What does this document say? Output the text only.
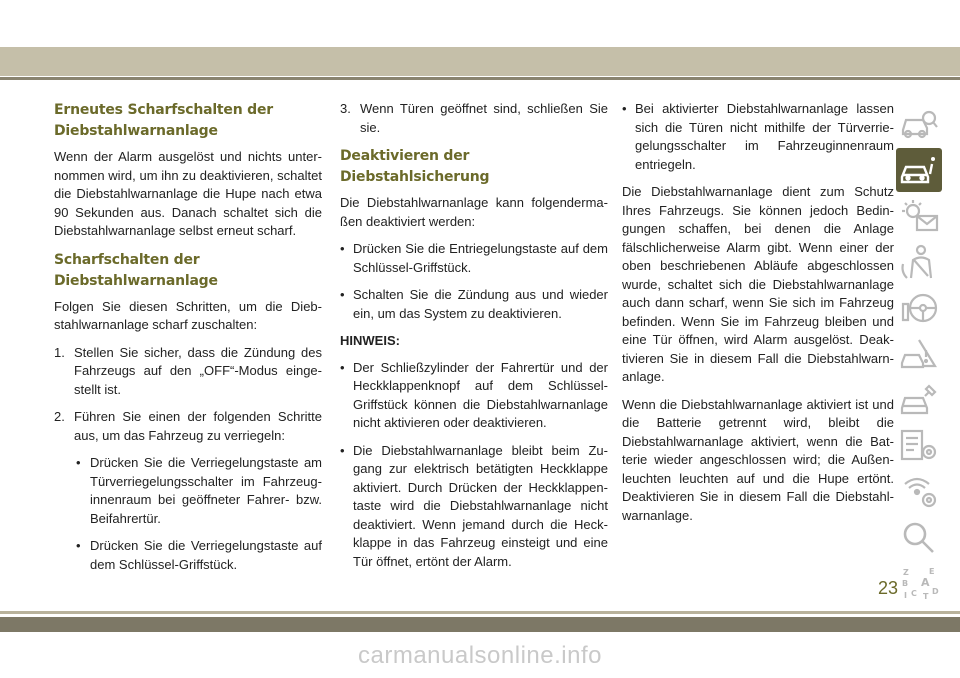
Erneutes Scharfschalten der Diebstahlwarnanlage

Wenn der Alarm ausgelöst und nichts unternommen wird, um ihn zu deaktivieren, schaltet die Diebstahlwarnanlage die Hupe nach etwa 90 Sekunden aus. Danach schaltet sich die Diebstahlwarnanlage selbst erneut scharf.

Scharfschalten der Diebstahlwarnanlage

Folgen Sie diesen Schritten, um die Diebstahlwarnanlage scharf zuschalten:

1. Stellen Sie sicher, dass die Zündung des Fahrzeugs auf den „OFF“-Modus eingestellt ist.
2. Führen Sie einen der folgenden Schritte aus, um das Fahrzeug zu verriegeln:
• Drücken Sie die Verriegelungstaste am Türverriegelungsschalter im Fahrzeuginnenraum bei geöffneter Fahrer- bzw. Beifahrertür.
• Drücken Sie die Verriegelungstaste auf dem Schlüssel-Griffstück.
3. Wenn Türen geöffnet sind, schließen Sie sie.
Deaktivieren der Diebstahlsicherung

Die Diebstahlwarnanlage kann folgendermaßen deaktiviert werden:

• Drücken Sie die Entriegelungstaste auf dem Schlüssel-Griffstück.
• Schalten Sie die Zündung aus und wieder ein, um das System zu deaktivieren.
HINWEIS:
• Der Schließzylinder der Fahrertür und der Heckklappenknopf auf dem Schlüssel-Griffstück können die Diebstahlwarnanlage nicht aktivieren oder deaktivieren.
• Die Diebstahlwarnanlage bleibt beim Zugang zur elektrisch betätigten Heckklappe aktiviert. Durch Drücken der Heckklappentaste wird die Diebstahlwarnanlage nicht deaktiviert. Wenn jemand durch die Heckklappe in das Fahrzeug einsteigt und eine Tür öffnet, ertönt der Alarm.
• Bei aktivierter Diebstahlwarnanlage lassen sich die Türen nicht mithilfe der Türverriegelungsschalter im Fahrzeuginnenraum entriegeln.

Die Diebstahlwarnanlage dient zum Schutz Ihres Fahrzeugs. Sie können jedoch Bedingungen schaffen, bei denen die Anlage fälschlicherweise Alarm gibt. Wenn einer der oben beschriebenen Abläufe abgeschlossen wurde, schaltet sich die Diebstahlwarnanlage auch dann scharf, wenn Sie sich im Fahrzeug befinden. Wenn Sie im Fahrzeug bleiben und eine Tür öffnen, wird Alarm ausgelöst. Deaktivieren Sie in diesem Fall die Diebstahlwarnanlage.

Wenn die Diebstahlwarnanlage aktiviert ist und die Batterie getrennt wird, bleibt die Diebstahlwarnanlage aktiviert, wenn die Batterie wieder angeschlossen wird; die Außenleuchten leuchten auf und die Hupe ertönt. Deaktivieren Sie in diesem Fall die Diebstahlwarnanlage.

Z	E
B A
C D
I T
23
carmanualsonline.info
